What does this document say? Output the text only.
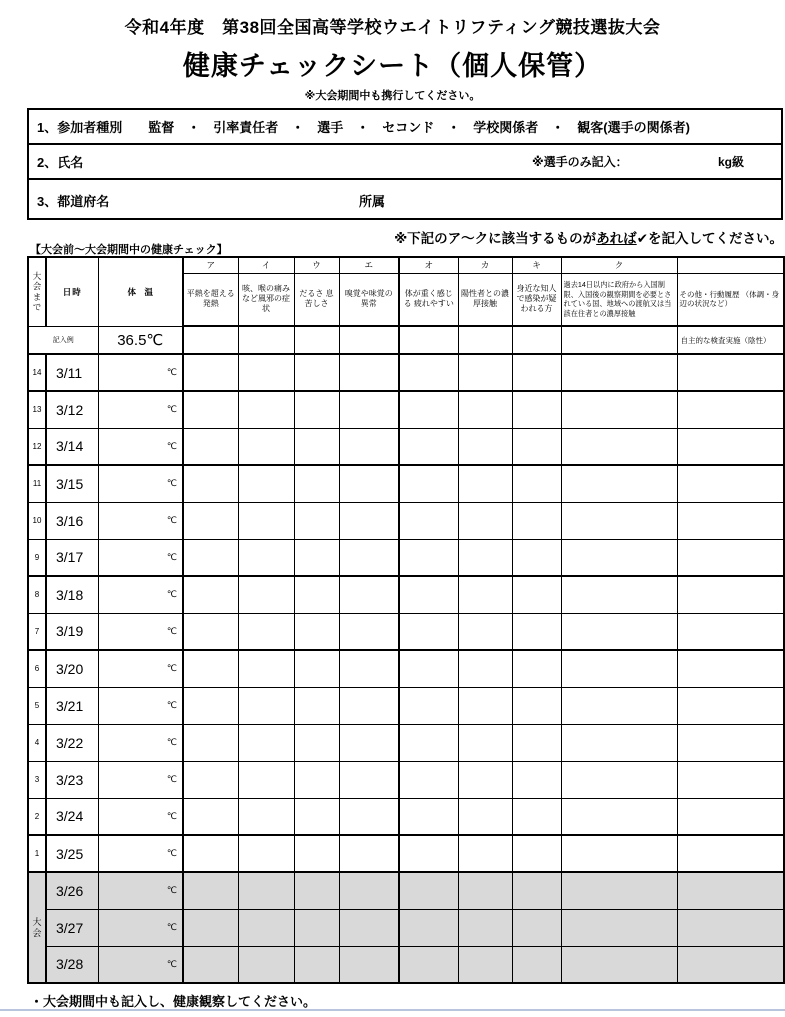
令和4年度　第38回全国高等学校ウエイトリフティング競技選抜大会
健康チェックシート（個人保管）
※大会期間中も携行してください。
1、参加者種別 監督　・　引率責任者　・　選手　・　セコンド　・　学校関係者　・　観客(選手の関係者)
2、氏名	※選手のみ記入：	kg級
3、都道府名	所属
【大会前～大会期間中の健康チェック】
※下記のア～クに該当するものがあれば✔を記入してください。
大会まで	日時	体　温	ア	イ	ウ	エ	オ	カ	キ	ク	
			平熱を超える発熱	咳、喉の痛みなど風邪の症状	だるさ 息苦しさ	嗅覚や味覚の異常	体が重く感じる 疲れやすい	陽性者との濃厚接触	身近な知人で感染が疑われる方	過去14日以内に政府から入国制限、入国後の観察期間を必要とされている国、地域への渡航又は当該在住者との濃厚接触	その他・行動履歴 （体調・身辺の状況など）
記入例		36.5℃									自主的な検査実施（陰性）
14	3/11	℃									
13	3/12	℃									
12	3/14	℃									
11	3/15	℃									
10	3/16	℃									
9	3/17	℃									
8	3/18	℃									
7	3/19	℃									
6	3/20	℃									
5	3/21	℃									
4	3/22	℃									
3	3/23	℃									
2	3/24	℃									
1	3/25	℃									
大会	3/26	℃									
	3/27	℃									
	3/28	℃									
・大会期間中も記入し、健康観察してください。
